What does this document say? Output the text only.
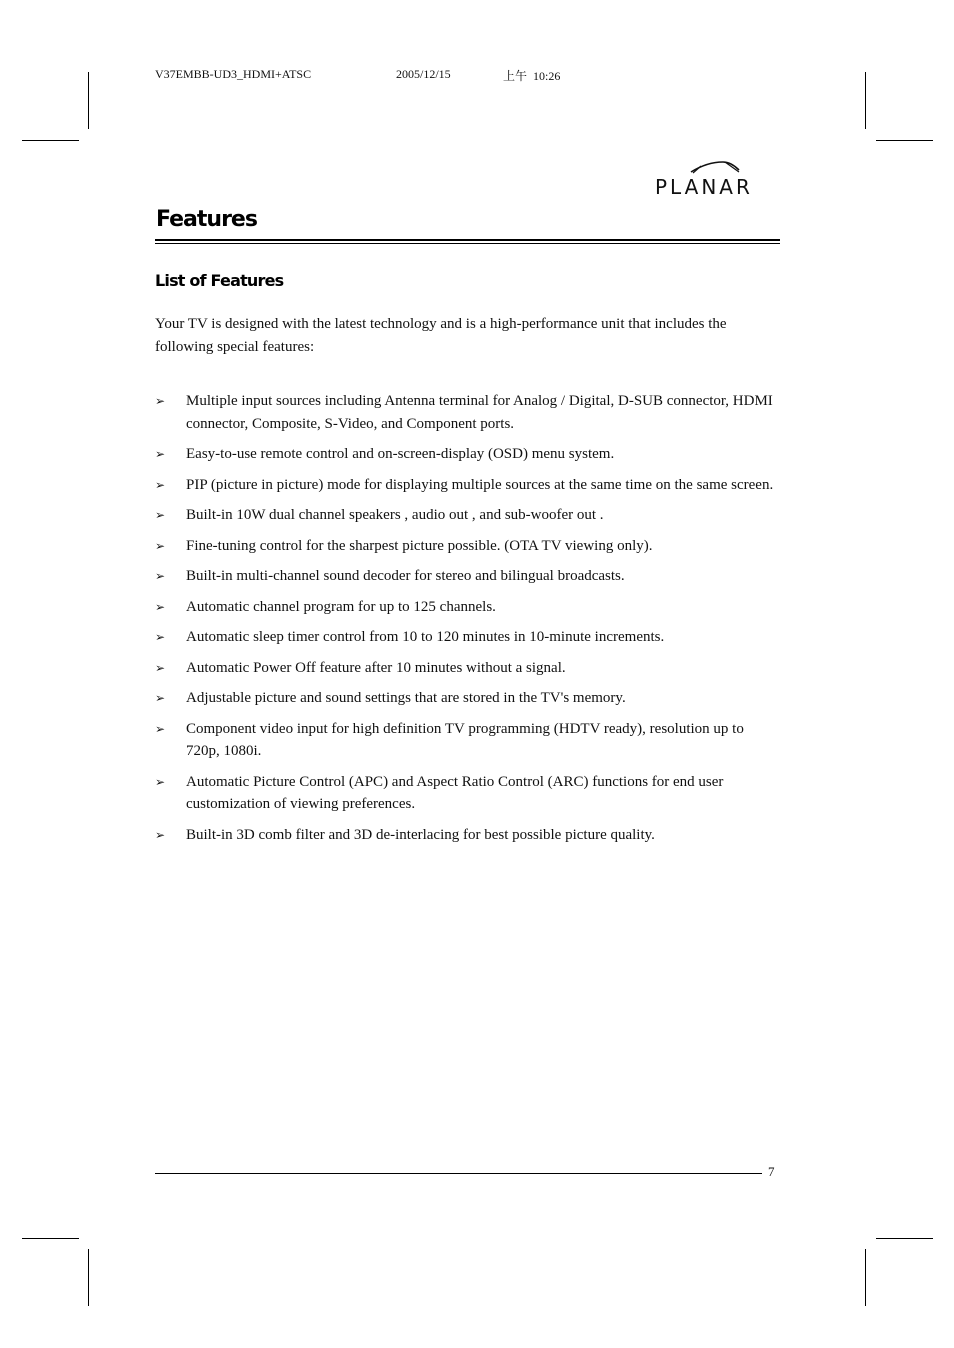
V37EMBB-UD3_HDMI+ATSC	2005/12/15	上午  10:26
PLANAR
Features
List of Features

Your TV is designed with the latest technology and is a high-performance unit that includes the following special features:

➢ Multiple input sources including Antenna terminal for Analog / Digital, D-SUB connector, HDMI connector, Composite, S-Video, and Component ports.
➢ Easy-to-use remote control and on-screen-display (OSD) menu system.
➢ PIP (picture in picture) mode for displaying multiple sources at the same time on the same screen.
➢ Built-in 10W dual channel speakers , audio out , and sub-woofer out .
➢ Fine-tuning control for the sharpest picture possible. (OTA TV viewing only).
➢ Built-in multi-channel sound decoder for stereo and bilingual broadcasts.
➢ Automatic channel program for up to 125 channels.
➢ Automatic sleep timer control from 10 to 120 minutes in 10-minute increments.
➢ Automatic Power Off feature after 10 minutes without a signal.
➢ Adjustable picture and sound settings that are stored in the TV's memory.
➢ Component video input for high definition TV programming (HDTV ready), resolution up to 720p, 1080i.
➢ Automatic Picture Control (APC) and Aspect Ratio Control (ARC) functions for end user customization of viewing preferences.
➢ Built-in 3D comb filter and 3D de-interlacing for best possible picture quality.
7
